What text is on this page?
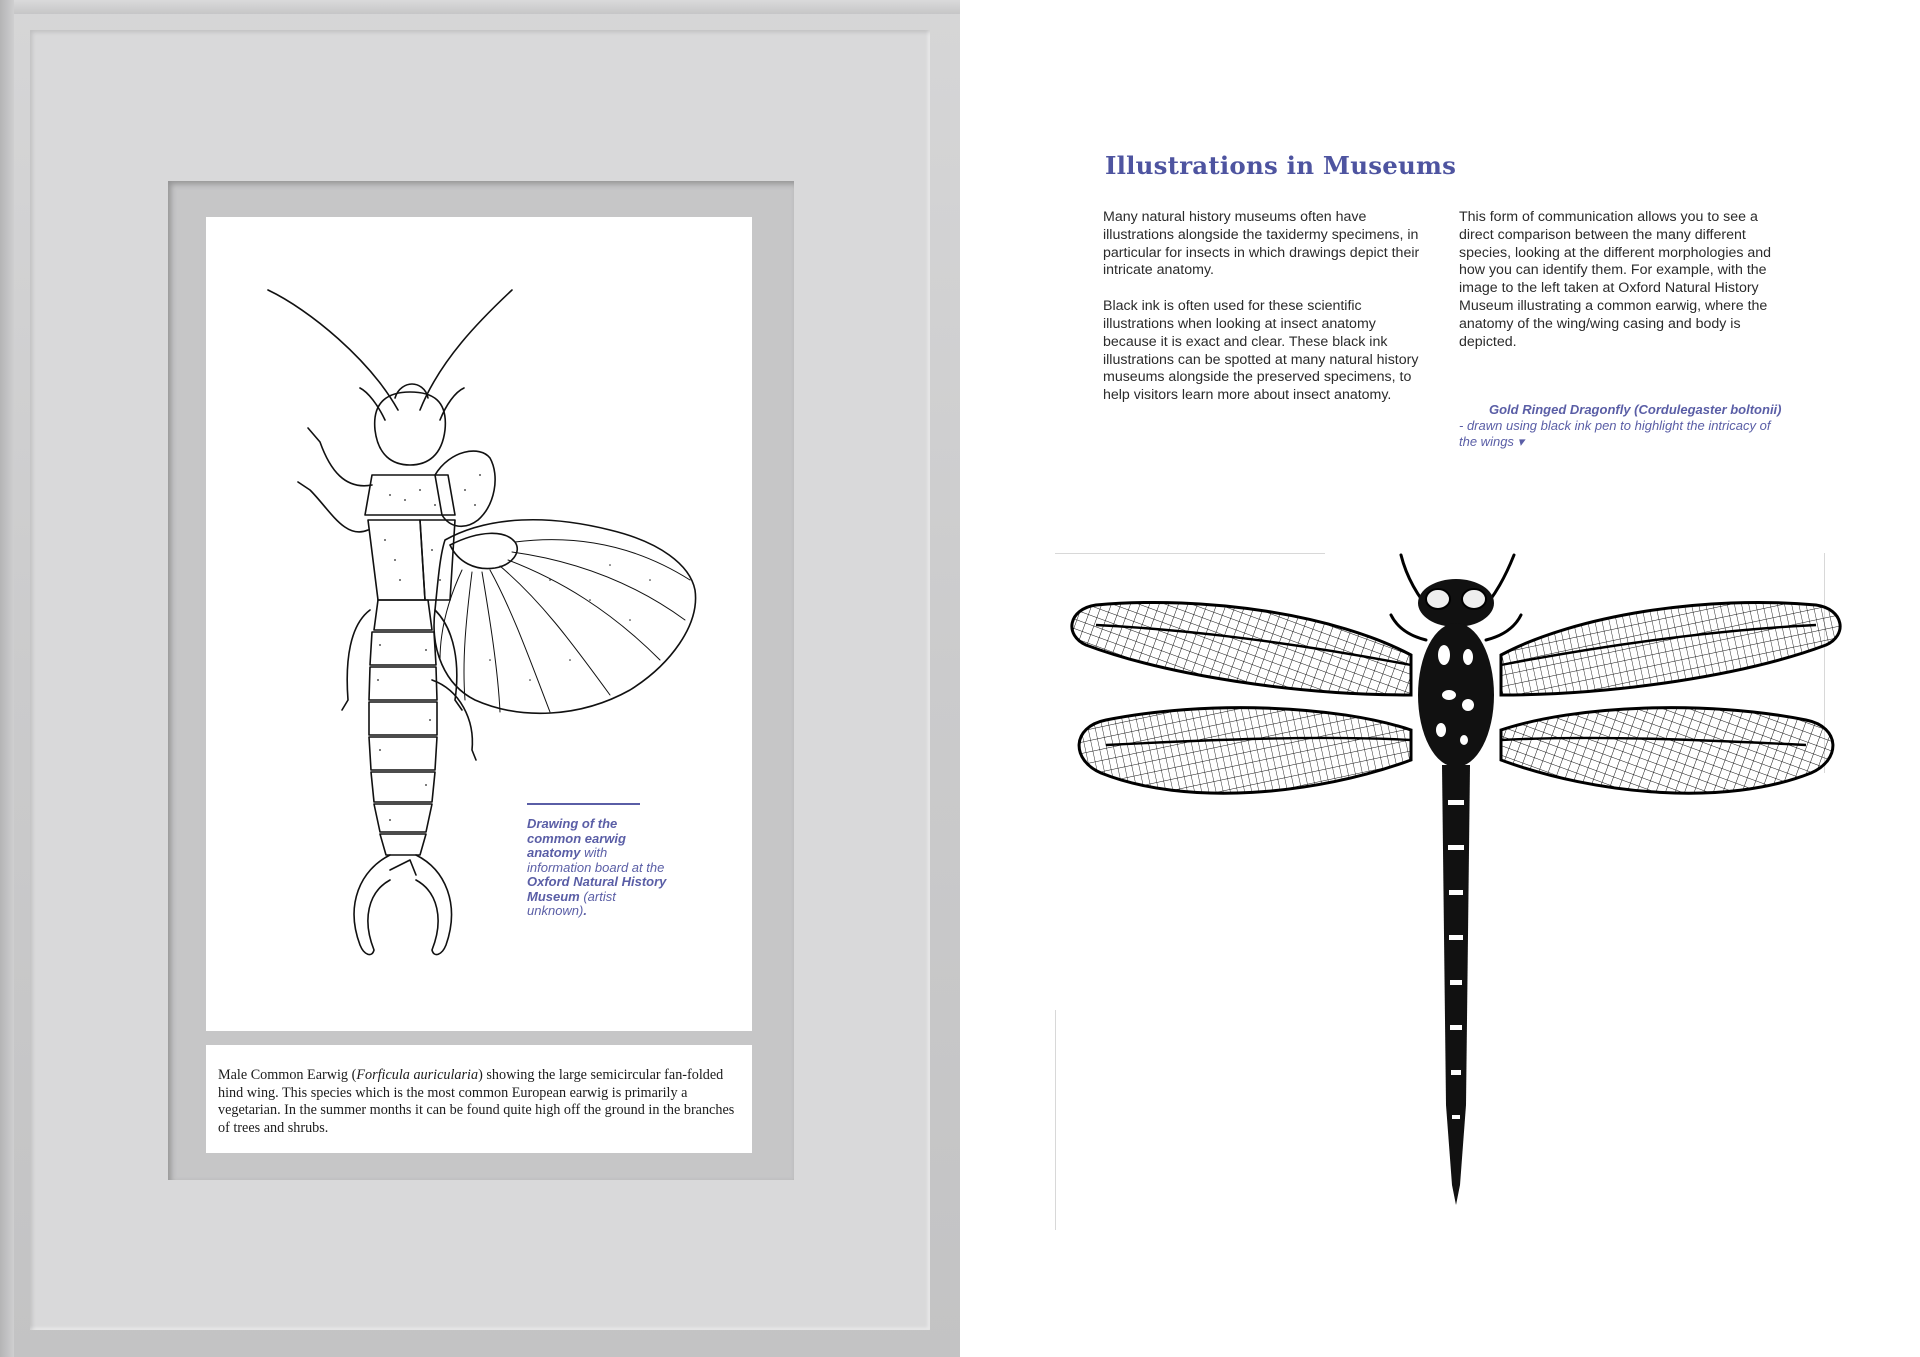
Drawing of the common earwig anatomy with information board at the Oxford Natural History Museum (artist unknown).
Male Common Earwig (Forficula auricularia) showing the large semicircular fan-folded hind wing. This species which is the most common European earwig is primarily a vegetarian. In the summer months it can be found quite high off the ground in the branches of trees and shrubs.
Illustrations in Museums

Many natural history museums often have illustrations alongside the taxidermy specimens, in particular for insects in which drawings depict their intricate anatomy.

Black ink is often used for these scientific illustrations when looking at insect anatomy because it is exact and clear. These black ink illustrations can be spotted at many natural history museums alongside the preserved specimens, to help visitors learn more about insect anatomy.

This form of communication allows you to see a direct comparison between the many different species, looking at the different morphologies and how you can identify them. For example, with the image to the left taken at Oxford Natural History Museum illustrating a common earwig, where the anatomy of the wing/wing casing and body is depicted.

Gold Ringed Dragonfly (Cordulegaster boltonii) - drawn using black ink pen to highlight the intricacy of the wings ▾
